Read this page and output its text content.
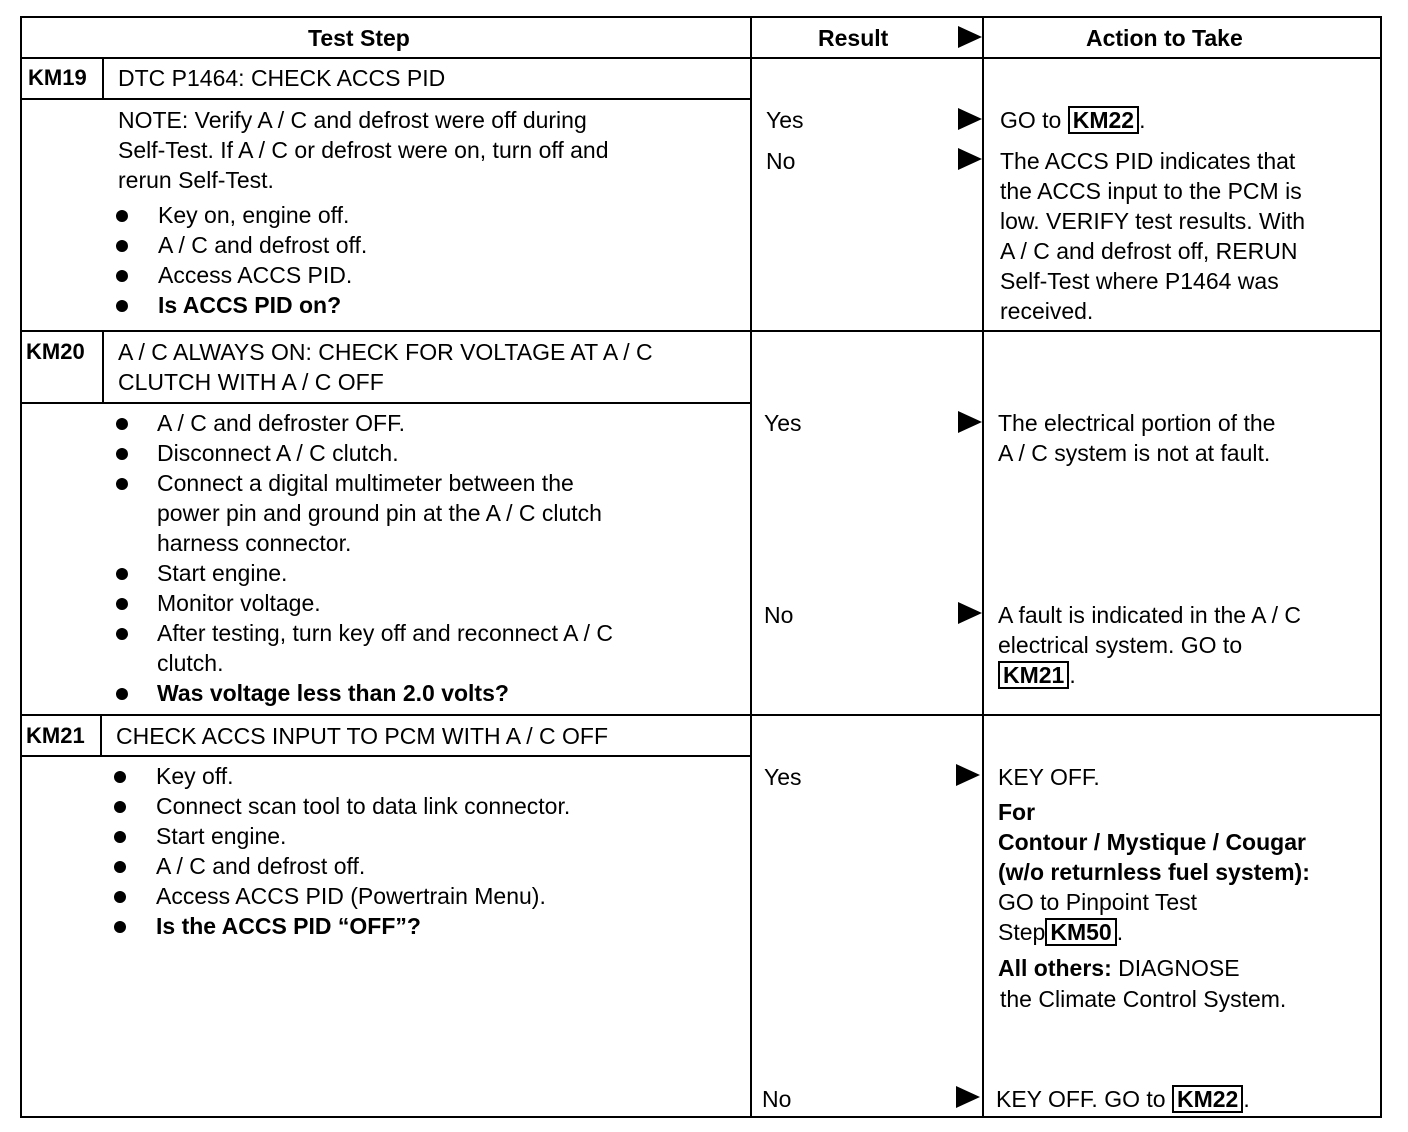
Test Step	Result	Action to Take
KM19 DTC P1464: CHECK ACCS PID
NOTE: Verify A / C and defrost were off during
Self-Test. If A / C or defrost were on, turn off and
rerun Self-Test.
Key on, engine off.
A / C and defrost off.
Access ACCS PID.
Is ACCS PID on?
Yes	GO to KM22 .
No	The ACCS PID indicates that
the ACCS input to the PCM is
low. VERIFY test results. With
A / C and defrost off, RERUN
Self-Test where P1464 was
received.
KM20 A / C ALWAYS ON: CHECK FOR VOLTAGE AT A / C
CLUTCH WITH A / C OFF
A / C and defroster OFF.
Disconnect A / C clutch.
Connect a digital multimeter between the
power pin and ground pin at the A / C clutch
harness connector.
Start engine.
Monitor voltage.
After testing, turn key off and reconnect A / C
clutch.
Was voltage less than 2.0 volts?
Yes	The electrical portion of the
A / C system is not at fault.
No	A fault is indicated in the A / C
electrical system. GO to
KM21 .
KM21 CHECK ACCS INPUT TO PCM WITH A / C OFF
Key off.
Connect scan tool to data link connector.
Start engine.
A / C and defrost off.
Access ACCS PID (Powertrain Menu).
Is the ACCS PID “OFF”?
Yes	KEY OFF.
For
Contour / Mystique / Cougar
(w/o returnless fuel system):
GO to Pinpoint Test
Step KM50 .
All others: DIAGNOSE
the Climate Control System.
No	KEY OFF. GO to KM22 .
